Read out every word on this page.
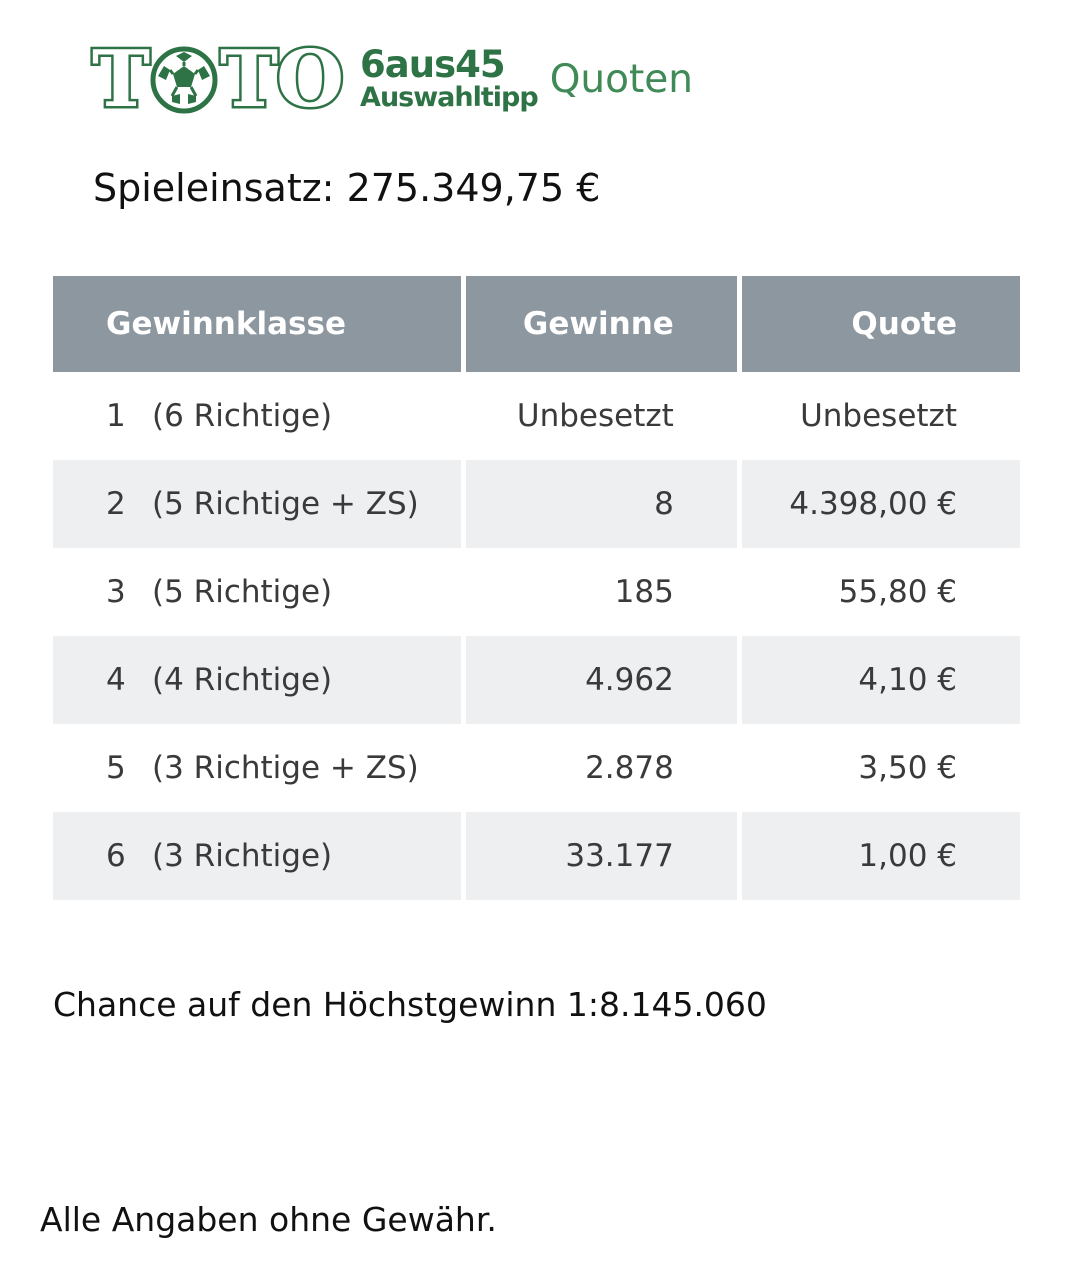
T T O 6aus45
Auswahltipp Quoten
Spieleinsatz: 275.349,75 €
Gewinnklasse	Gewinne	Quote
1 (6 Richtige)	Unbesetzt	Unbesetzt
2 (5 Richtige + ZS)	8	4.398,00 €
3 (5 Richtige)	185	55,80 €
4 (4 Richtige)	4.962	4,10 €
5 (3 Richtige + ZS)	2.878	3,50 €
6 (3 Richtige)	33.177	1,00 €
Chance auf den Höchstgewinn 1:8.145.060
Alle Angaben ohne Gewähr.
